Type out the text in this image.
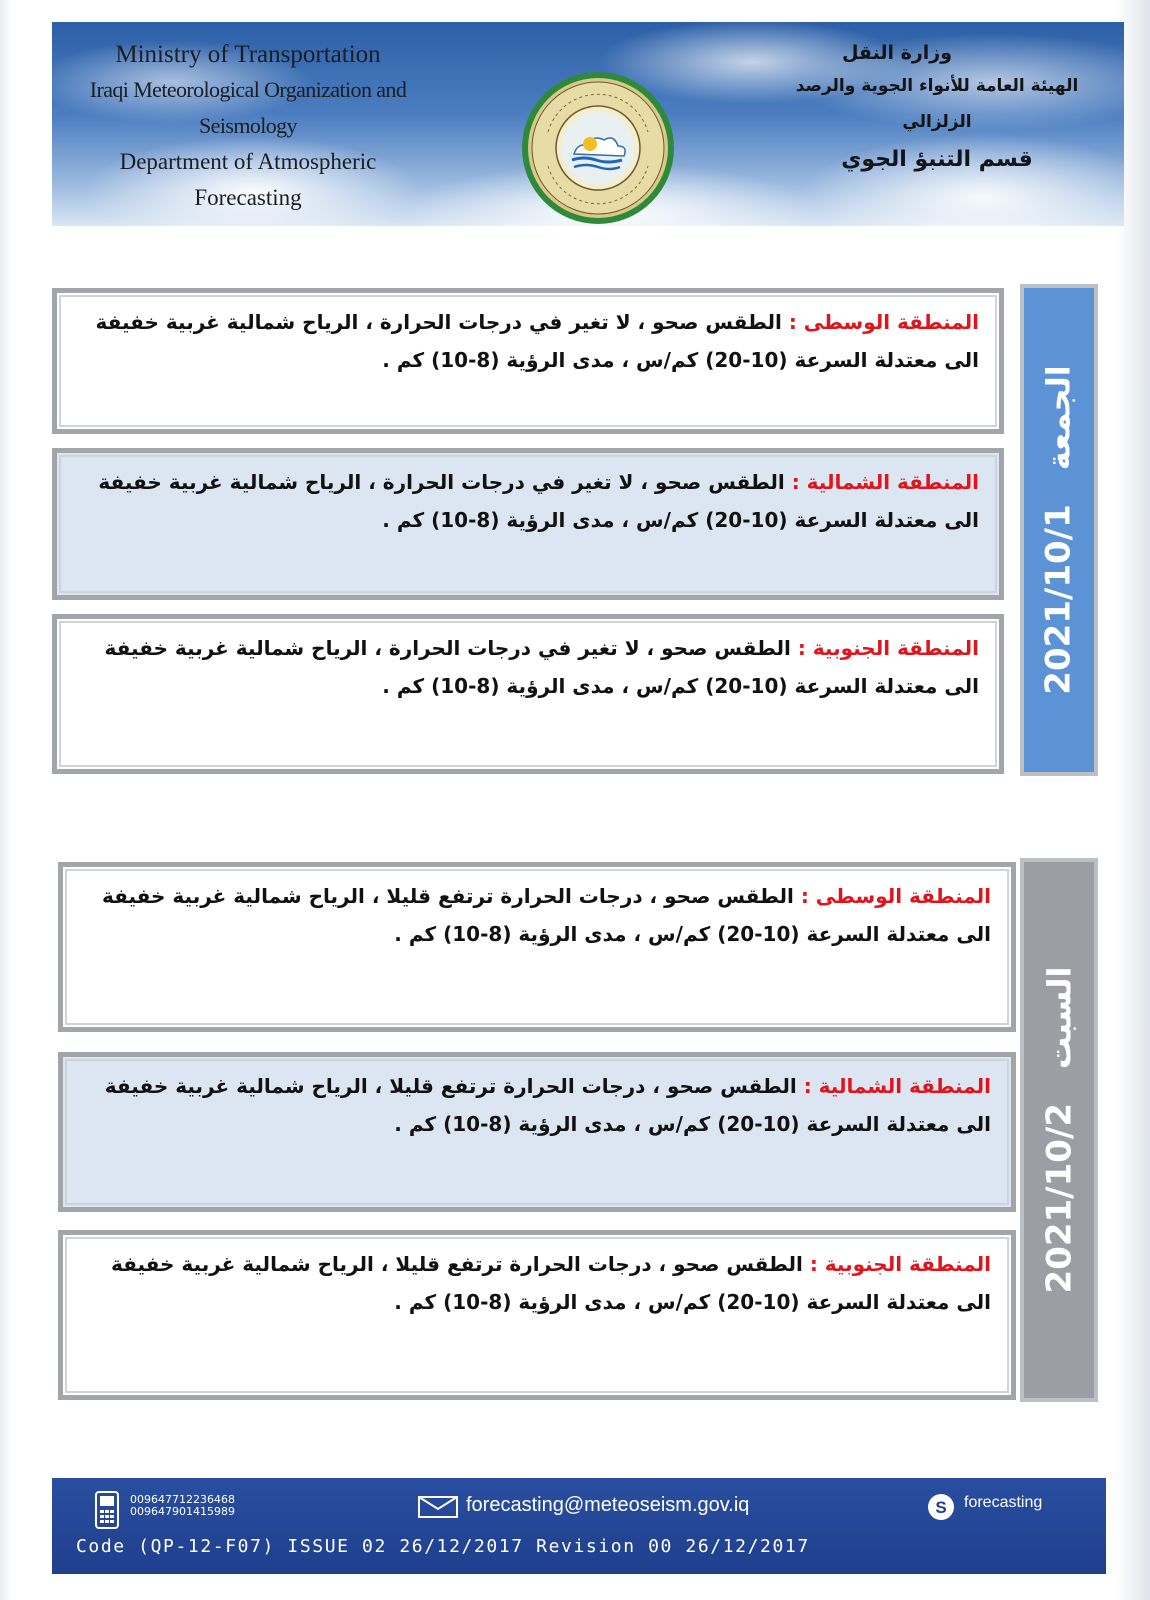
Ministry of Transportation
Iraqi Meteorological Organization and Seismology
Department of Atmospheric Forecasting
وزارة النقل
الهيئة العامة للأنواء الجوية والرصد الزلزالي
قسم التنبؤ الجوي
المنطقة الوسطى : الطقس صحو ، لا تغير في درجات الحرارة ، الرياح شمالية غربية خفيفة الى معتدلة السرعة (10-20) كم/س ، مدى الرؤية (8-10) كم .
المنطقة الشمالية : الطقس صحو ، لا تغير في درجات الحرارة ، الرياح شمالية غربية خفيفة الى معتدلة السرعة (10-20) كم/س ، مدى الرؤية (8-10) كم .
المنطقة الجنوبية : الطقس صحو ، لا تغير في درجات الحرارة ، الرياح شمالية غربية خفيفة الى معتدلة السرعة (10-20) كم/س ، مدى الرؤية (8-10) كم .	2021/10/1الجمعة
المنطقة الوسطى : الطقس صحو ، درجات الحرارة ترتفع قليلا ، الرياح شمالية غربية خفيفة الى معتدلة السرعة (10-20) كم/س ، مدى الرؤية (8-10) كم .
المنطقة الشمالية : الطقس صحو ، درجات الحرارة ترتفع قليلا ، الرياح شمالية غربية خفيفة الى معتدلة السرعة (10-20) كم/س ، مدى الرؤية (8-10) كم .
المنطقة الجنوبية : الطقس صحو ، درجات الحرارة ترتفع قليلا ، الرياح شمالية غربية خفيفة الى معتدلة السرعة (10-20) كم/س ، مدى الرؤية (8-10) كم .
2021/10/2السبت
009647712236468
009647901415989	forecasting@meteoseism.gov.iq	S forecasting
Code (QP-12-F07) ISSUE 02 26/12/2017 Revision 00 26/12/2017
